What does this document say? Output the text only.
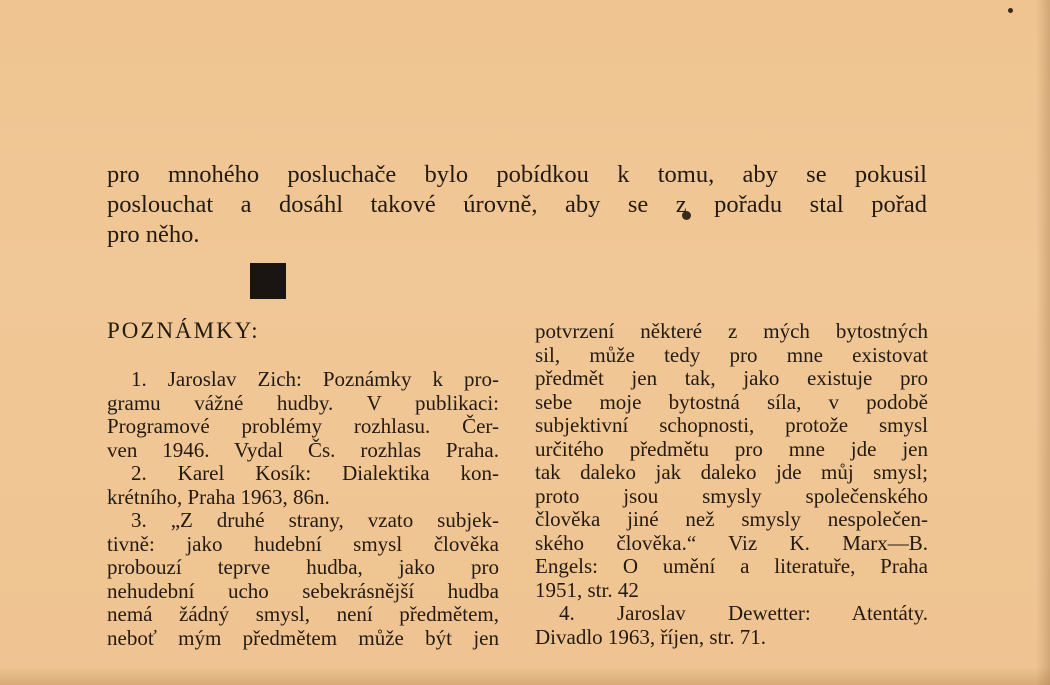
pro mnohého posluchače bylo pobídkou k tomu, aby se pokusil
poslouchat a dosáhl takové úrovně, aby se z pořadu stal pořad
pro něho.
POZNÁMKY:
1. Jaroslav Zich: Poznámky k pro-
gramu vážné hudby. V publikaci:
Programové problémy rozhlasu. Čer-
ven 1946. Vydal Čs. rozhlas Praha.
2. Karel Kosík: Dialektika kon-
krétního, Praha 1963, 86n.
3. „Z druhé strany, vzato subjek-
tivně: jako hudební smysl člověka
probouzí teprve hudba, jako pro
nehudební ucho sebekrásnější hudba
nemá žádný smysl, není předmětem,
neboť mým předmětem může být jen
potvrzení některé z mých bytostných
sil, může tedy pro mne existovat
předmět jen tak, jako existuje pro
sebe moje bytostná síla, v podobě
subjektivní schopnosti, protože smysl
určitého předmětu pro mne jde jen
tak daleko jak daleko jde můj smysl;
proto jsou smysly společenského
člověka jiné než smysly nespolečen-
ského člověka.“ Viz K. Marx—B.
Engels: O umění a literatuře, Praha
1951, str. 42
4. Jaroslav Dewetter: Atentáty.
Divadlo 1963, říjen, str. 71.
